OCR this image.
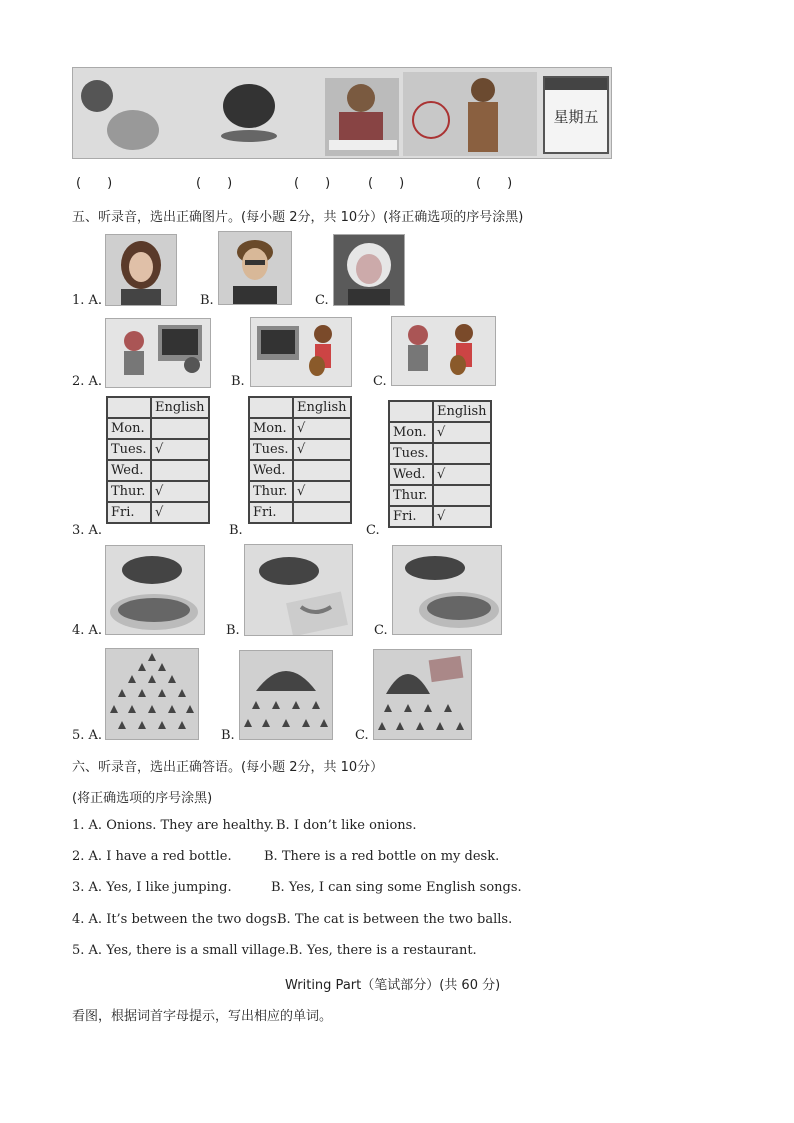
星期五
(　　)	(　　)	(　　)	(　　)	(　　)
五、听录音，选出正确图片。(每小题 2分，共 10分）(将正确选项的序号涂黑)
1. A.	B.	C.
2. A.	B.	C.
	English
Mon.	
Tues.	√
Wed.	
Thur.	√
Fri.	√
3. A.
	English
Mon.	√
Tues.	√
Wed.	
Thur.	√
Fri.	
B.
	English
Mon.	√
Tues.	
Wed.	√
Thur.	
Fri.	√
C.
4. A.	B.	C.
5. A.	B.	C.
六、听录音，选出正确答语。(每小题 2分，共 10分）
(将正确选项的序号涂黑)
1. A. Onions. They are healthy. B. I don’t like onions.
2. A. I have a red bottle. B. There is a red bottle on my desk.
3. A. Yes, I like jumping.	B. Yes, I can sing some English songs.
4. A. It’s between the two dogs.
B. The cat is between the two balls.
5. A. Yes, there is a small village. B. Yes, there is a restaurant.
Writing Part（笔试部分）(共 60 分)
看图，根据词首字母提示，写出相应的单词。
